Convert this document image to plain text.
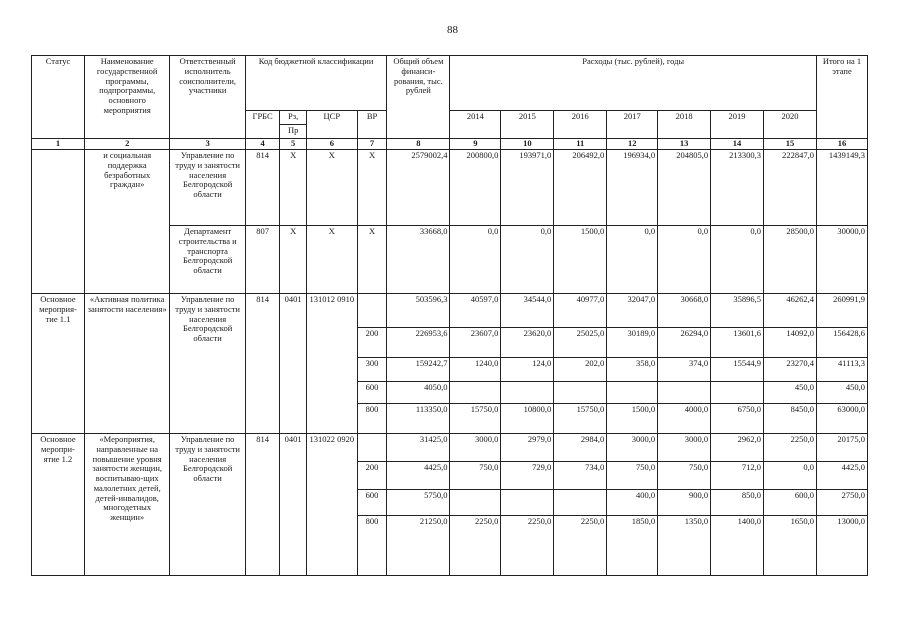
88
Статус	Наименование государственной программы, подпрограммы, основного мероприятия	Ответственный исполнитель соисполнители, участники	Код бюджетной классификации				Общий объем финанси-рования, тыс. рублей	Расходы (тыс. рублей), годы							Итого на 1 этапе
			ГРБС	Рз,	ЦСР	ВР		2014	2015	2016	2017	2018	2019	2020	
				Пр											
1	2	3	4	5	6	7	8	9	10	11	12	13	14	15	16
	и социальная поддержка безработных граждан»	Управление по труду и занятости населения Белгородской области	814	Х	Х	Х	2579002,4	200800,0	193971,0	206492,0	196934,0	204805,0	213300,3	222847,0	1439149,3
		Департамент строительства и транспорта Белгородской области	807	Х	Х	Х	33668,0	0,0	0,0	1500,0	0,0	0,0	0,0	28500,0	30000,0
Основное мероприя-тие 1.1	«Активная политика занятости населения»	Управление по труду и занятости населения Белгородской области	814	0401	131012 0910		503596,3	40597,0	34544,0	40977,0	32047,0	30668,0	35896,5	46262,4	260991,9
						200	226953,6	23607,0	23620,0	25025,0	30189,0	26294,0	13601,6	14092,0	156428,6
						300	159242,7	1240,0	124,0	202,0	358,0	374,0	15544,9	23270,4	41113,3
						600	4050,0							450,0	450,0
						800	113350,0	15750,0	10800,0	15750,0	1500,0	4000,0	6750,0	8450,0	63000,0
Основное меропри-ятие 1.2	«Мероприятия, направленные на повышение уровня занятости женщин, воспитываю-щих малолетних детей, детей-инвалидов, многодетных женщин»	Управление по труду и занятости населения Белгородской области	814	0401	131022 0920		31425,0	3000,0	2979,0	2984,0	3000,0	3000,0	2962,0	2250,0	20175,0
						200	4425,0	750,0	729,0	734,0	750,0	750,0	712,0	0,0	4425,0
						600	5750,0				400,0	900,0	850,0	600,0	2750,0
						800	21250,0	2250,0	2250,0	2250,0	1850,0	1350,0	1400,0	1650,0	13000,0
